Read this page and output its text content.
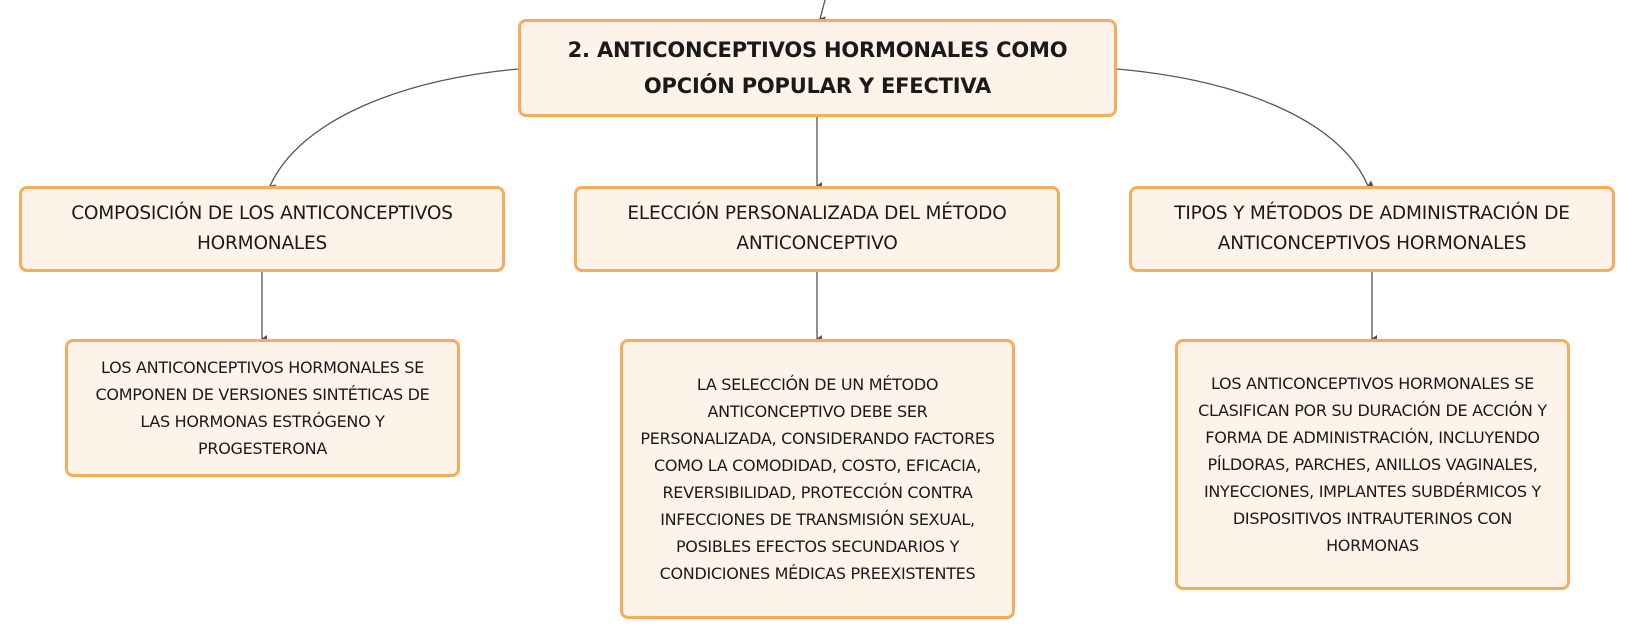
2. ANTICONCEPTIVOS HORMONALES COMO
OPCIÓN POPULAR Y EFECTIVA
COMPOSICIÓN DE LOS ANTICONCEPTIVOS
HORMONALES
ELECCIÓN PERSONALIZADA DEL MÉTODO
ANTICONCEPTIVO
TIPOS Y MÉTODOS DE ADMINISTRACIÓN DE
ANTICONCEPTIVOS HORMONALES
LOS ANTICONCEPTIVOS HORMONALES SE
COMPONEN DE VERSIONES SINTÉTICAS DE
LAS HORMONAS ESTRÓGENO Y
PROGESTERONA
LA SELECCIÓN DE UN MÉTODO
ANTICONCEPTIVO DEBE SER
PERSONALIZADA, CONSIDERANDO FACTORES
COMO LA COMODIDAD, COSTO, EFICACIA,
REVERSIBILIDAD, PROTECCIÓN CONTRA
INFECCIONES DE TRANSMISIÓN SEXUAL,
POSIBLES EFECTOS SECUNDARIOS Y
CONDICIONES MÉDICAS PREEXISTENTES
LOS ANTICONCEPTIVOS HORMONALES SE
CLASIFICAN POR SU DURACIÓN DE ACCIÓN Y
FORMA DE ADMINISTRACIÓN, INCLUYENDO
PÍLDORAS, PARCHES, ANILLOS VAGINALES,
INYECCIONES, IMPLANTES SUBDÉRMICOS Y
DISPOSITIVOS INTRAUTERINOS CON
HORMONAS
